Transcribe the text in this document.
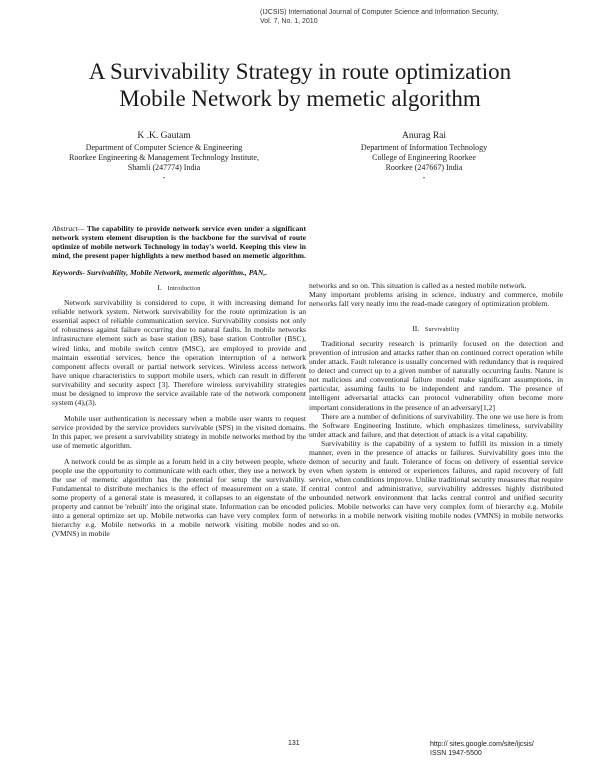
(IJCSIS) International Journal of Computer Science and Information Security,
Vol. 7, No. 1, 2010
A Survivability Strategy in route optimization
Mobile Network by memetic algorithm
K .K. Gautam
Department of Computer Science & Engineering
Roorkee Engineering & Management Technology Institute,
Shamli (247774) India
-
Anurag Rai
Department of Information Technology
College of Engineering Roorkee
Roorkee (247667) India
-

Abstract— The capability to provide network service even under a significant network system element disruption is the backbone for the survival of route optimize of mobile network Technology in today's world. Keeping this view in mind, the present paper highlights a new method based on memetic algorithm.

Keywords- Survivability, Mobile Network, memetic algorithm., PAN,.

I. Introduction

Network survivability is considered to cope, it with increasing demand for reliable network system. Network survivability for the route optimization is an essential aspect of reliable communication service. Survivability consists not only of robustness against failure occurring due to natural faults. In mobile networks infrastructure element such as base station (BS), base station Controller (BSC), wired links, and mobile switch centre (MSC), are employed to provide and maintain essential services, hence the operation interruption of a network component affects overall or partial network services. Wireless access network have unique characteristics to support mobile users, which can result in different survivability and security aspect [3]. Therefore wireless survivability strategies must be designed to improve the service available rate of the network component system (4),(3).

Mobile user authentication is necessary when a mobile user wants to request service provided by the service providers survivable (SPS) in the visited domains. In this paper, we present a survivability strategy in mobile networks method by the use of memetic algorithm.

A network could be as simple as a forum held in a city between people, where people use the opportunity to communicate with each other, they use a network by the use of memetic algorithm has the potential for setup the survivability. Fundamental to distribute mechanics is the effect of measurement on a state. If some property of a general state is measured, it collapses to an eigenstate of the property and cannot be 'rebuilt' into the original state. Information can be encoded into a general optimize set up. Mobile networks can have very complex form of hierarchy e.g. Mobile networks in a mobile network visiting mobile nodes (VMNS) in mobile

networks and so on. This situation is called as a nested mobile network.

Many important problems arising in science, industry and commerce, mobile networks fall very neatly into the read-made category of optimization problem.

II. Survivability

Traditional security research is primarily focused on the detection and prevention of intrusion and attacks rather than on continued correct operation while under attack. Fault tolerance is usually concerned with redundancy that is required to detect and correct up to a given number of naturally occurring faults. Nature is not malicious and conventional failure model make significant assumptions, in particular, assuming faults to be independent and random. The presence of intelligent adversarial attacks can protocol vulnerability often become more important considerations in the presence of an adversary[1,2]

There are a number of definitions of survivability. The one we use here is from the Software Engineering Institute, which emphasizes timeliness, survivability under attack and failure, and that detection of attack is a vital capability.

Survivability is the capability of a system to fulfill its mission in a timely manner, even in the presence of attacks or failures. Survivability goes into the demon of security and fault. Tolerance of focus on delivery of essential service even when system is entered or experiences failures, and rapid recovery of full service, when conditions improve. Unlike traditional security measures that require central control and administrative, survivability addresses highly distributed unbounded network environment that lacks central control and unified security policies. Mobile networks can have very complex form of hierarchy e.g. Mobile networks in a mobile network visiting mobile nodes (VMNS) in mobile networks and so on.

131	http:// sites.google.com/site/ijcsis/
ISSN 1947-5500
